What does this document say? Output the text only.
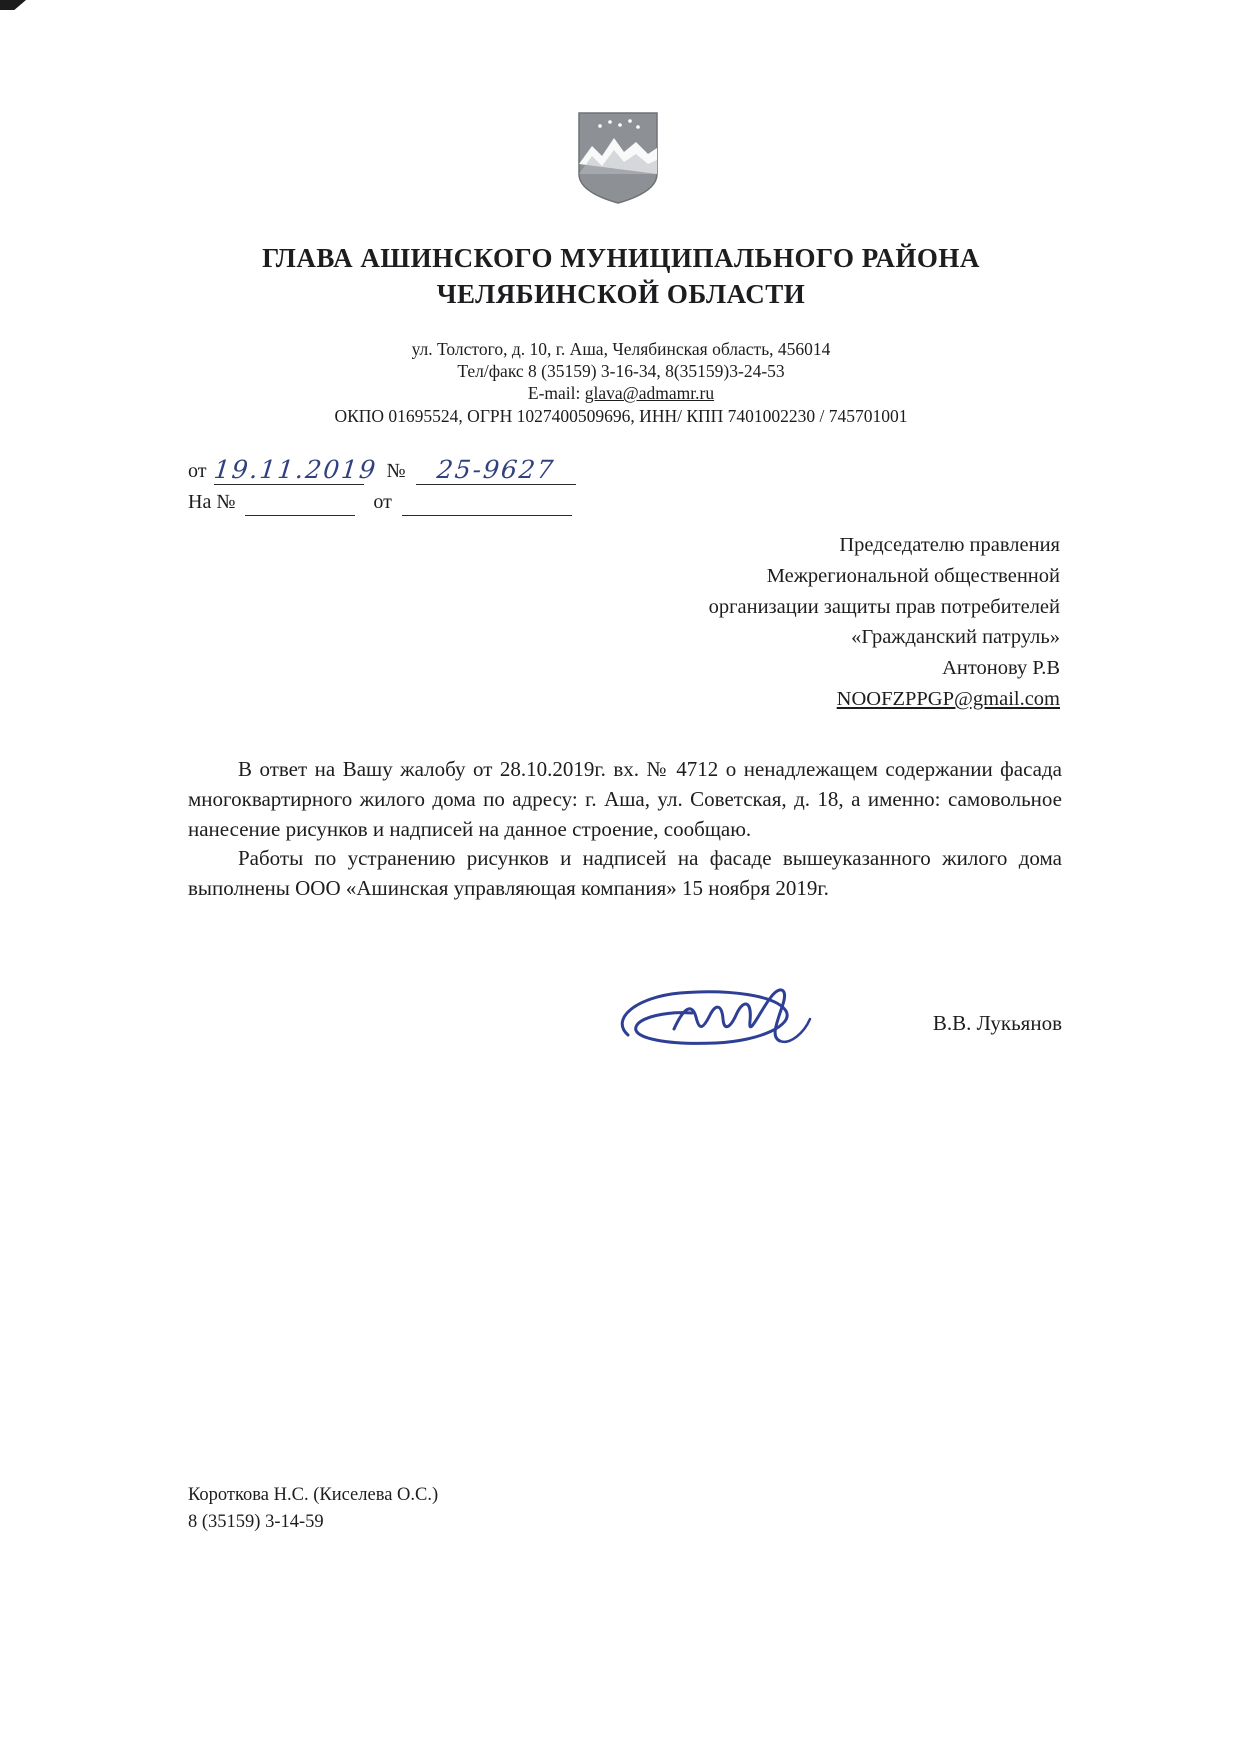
ГЛАВА АШИНСКОГО МУНИЦИПАЛЬНОГО РАЙОНА
ЧЕЛЯБИНСКОЙ ОБЛАСТИ
ул. Толстого, д. 10, г. Аша, Челябинская область, 456014
Тел/факс 8 (35159) 3-16-34, 8(35159)3-24-53
E-mail: glava@admamr.ru
ОКПО 01695524, ОГРН 1027400509696, ИНН/ КПП 7401002230 / 745701001
от 19.11.2019 №	25-9627
На №	от
Председателю правления
Межрегиональной общественной
организации защиты прав потребителей
«Гражданский патруль»
Антонову Р.В
NOOFZPPGP@gmail.com

В ответ на Вашу жалобу от 28.10.2019г. вх. № 4712 о ненадлежащем содержании фасада многоквартирного жилого дома по адресу: г. Аша, ул. Советская, д. 18, а именно: самовольное нанесение рисунков и надписей на данное строение, сообщаю.

Работы по устранению рисунков и надписей на фасаде вышеуказанного жилого дома выполнены ООО «Ашинская управляющая компания» 15 ноября 2019г.

В.В. Лукьянов
Короткова Н.С. (Киселева О.С.)
8 (35159) 3-14-59
